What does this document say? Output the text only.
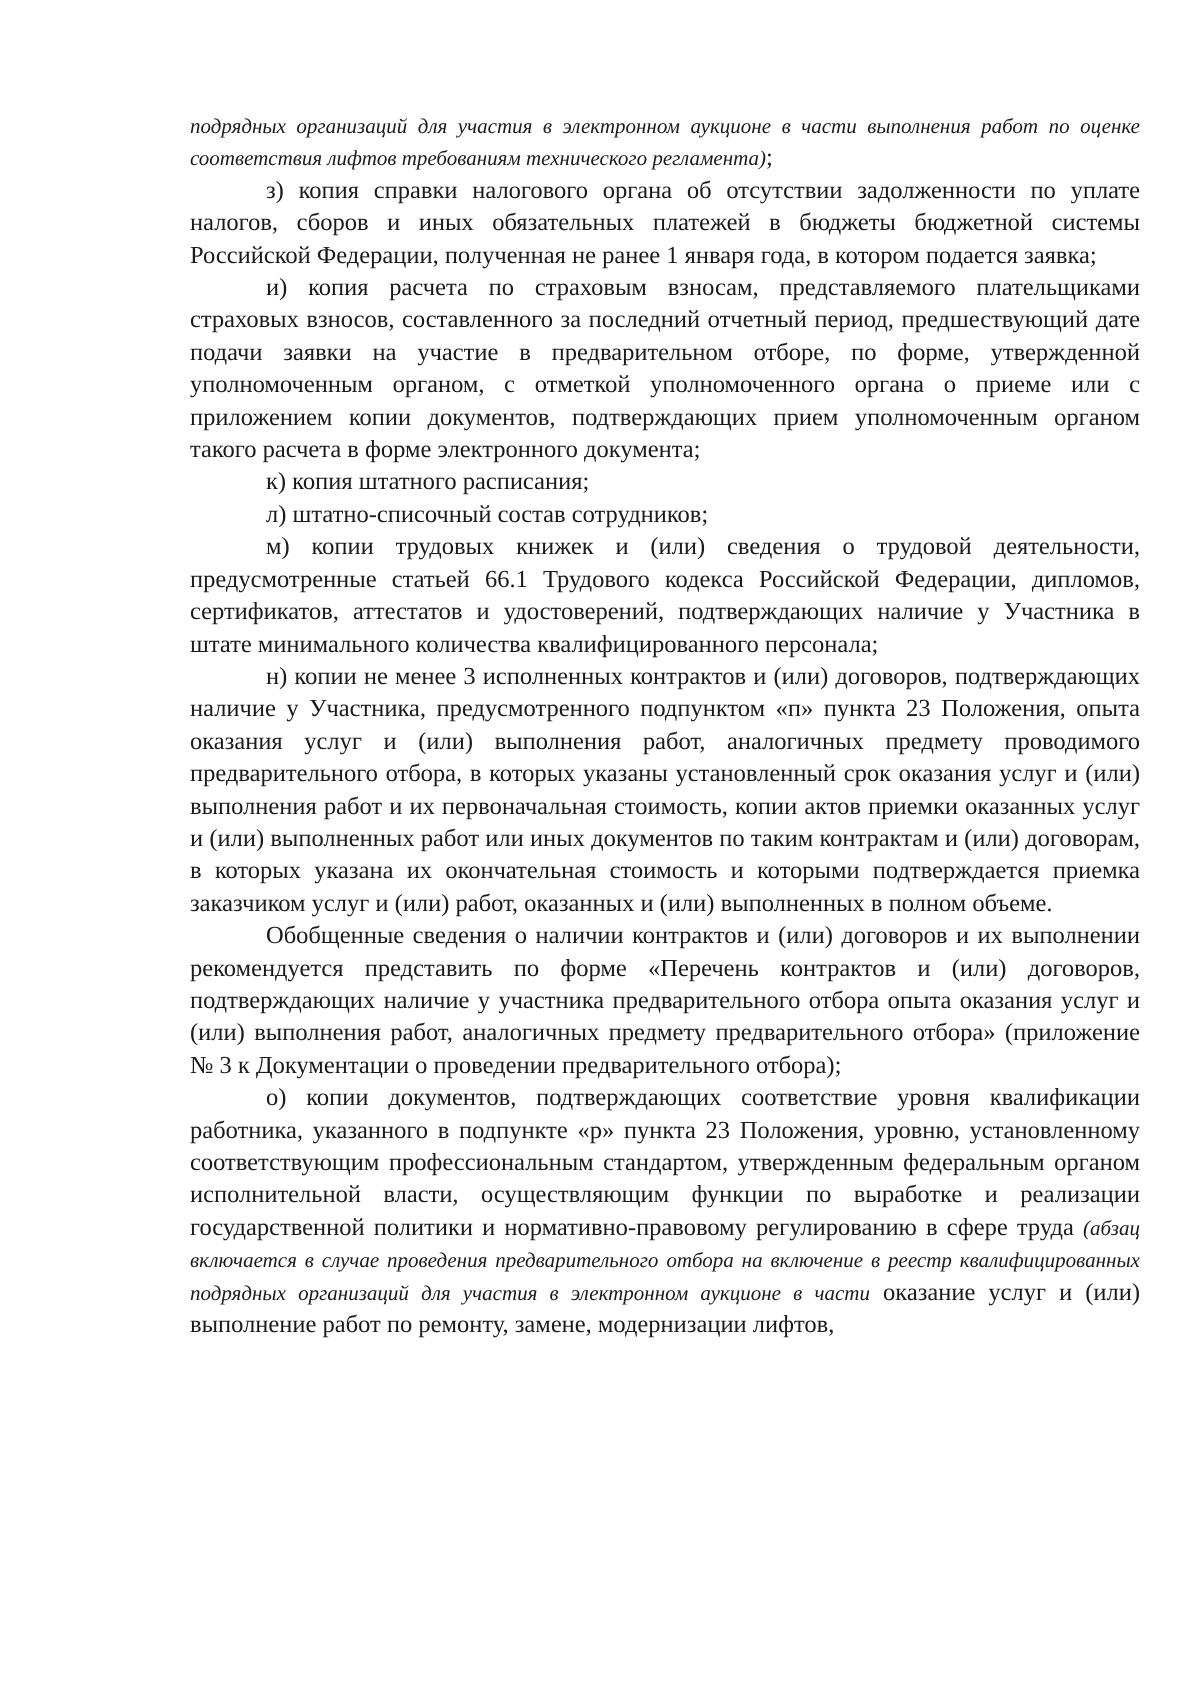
подрядных организаций для участия в электронном аукционе в части выполнения работ по оценке соответствия лифтов требованиям технического регламента);

з) копия справки налогового органа об отсутствии задолженности по уплате налогов, сборов и иных обязательных платежей в бюджеты бюджетной системы Российской Федерации, полученная не ранее 1 января года, в котором подается заявка;

и) копия расчета по страховым взносам, представляемого плательщиками страховых взносов, составленного за последний отчетный период, предшествующий дате подачи заявки на участие в предварительном отборе, по форме, утвержденной уполномоченным органом, с отметкой уполномоченного органа о приеме или с приложением копии документов, подтверждающих прием уполномоченным органом такого расчета в форме электронного документа;

к) копия штатного расписания;

л) штатно-списочный состав сотрудников;

м) копии трудовых книжек и (или) сведения о трудовой деятельности, предусмотренные статьей 66.1 Трудового кодекса Российской Федерации, дипломов, сертификатов, аттестатов и удостоверений, подтверждающих наличие у Участника в штате минимального количества квалифицированного персонала;

н) копии не менее 3 исполненных контрактов и (или) договоров, подтверждающих наличие у Участника, предусмотренного подпунктом «п» пункта 23 Положения, опыта оказания услуг и (или) выполнения работ, аналогичных предмету проводимого предварительного отбора, в которых указаны установленный срок оказания услуг и (или) выполнения работ и их первоначальная стоимость, копии актов приемки оказанных услуг и (или) выполненных работ или иных документов по таким контрактам и (или) договорам, в которых указана их окончательная стоимость и которыми подтверждается приемка заказчиком услуг и (или) работ, оказанных и (или) выполненных в полном объеме.

Обобщенные сведения о наличии контрактов и (или) договоров и их выполнении рекомендуется представить по форме «Перечень контрактов и (или) договоров, подтверждающих наличие у участника предварительного отбора опыта оказания услуг и (или) выполнения работ, аналогичных предмету предварительного отбора» (приложение № 3 к Документации о проведении предварительного отбора);

о) копии документов, подтверждающих соответствие уровня квалификации работника, указанного в подпункте «р» пункта 23 Положения, уровню, установленному соответствующим профессиональным стандартом, утвержденным федеральным органом исполнительной власти, осуществляющим функции по выработке и реализации государственной политики и нормативно-правовому регулированию в сфере труда (абзац включается в случае проведения предварительного отбора на включение в реестр квалифицированных подрядных организаций для участия в электронном аукционе в части оказание услуг и (или) выполнение работ по ремонту, замене, модернизации лифтов,
